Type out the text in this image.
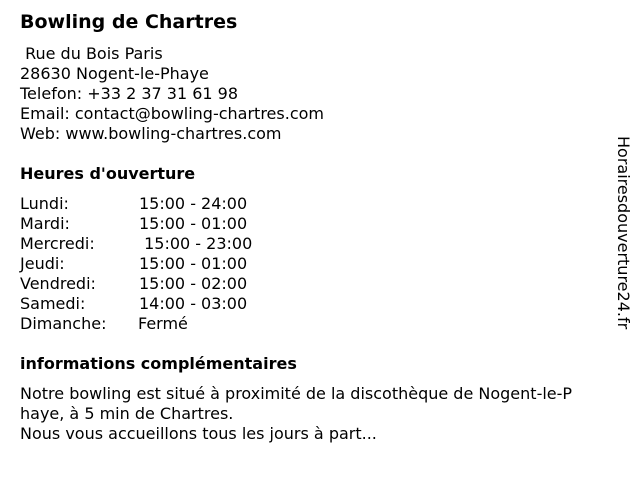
Bowling de Chartres
Rue du Bois Paris
28630 Nogent-le-Phaye
Telefon: +33 2 37 31 61 98
Email: contact@bowling-chartres.com
Web: www.bowling-chartres.com
Heures d'ouverture
Lundi:	15:00 - 24:00
Mardi:	15:00 - 01:00
Mercredi:	15:00 - 23:00
Jeudi:	15:00 - 01:00
Vendredi:	15:00 - 02:00
Samedi:	14:00 - 03:00
Dimanche: Fermé
informations complémentaires
Notre bowling est situé à proximité de la discothèque de Nogent-le-P
haye, à 5 min de Chartres.
Nous vous accueillons tous les jours à part...
Horairesdouverture24.fr
